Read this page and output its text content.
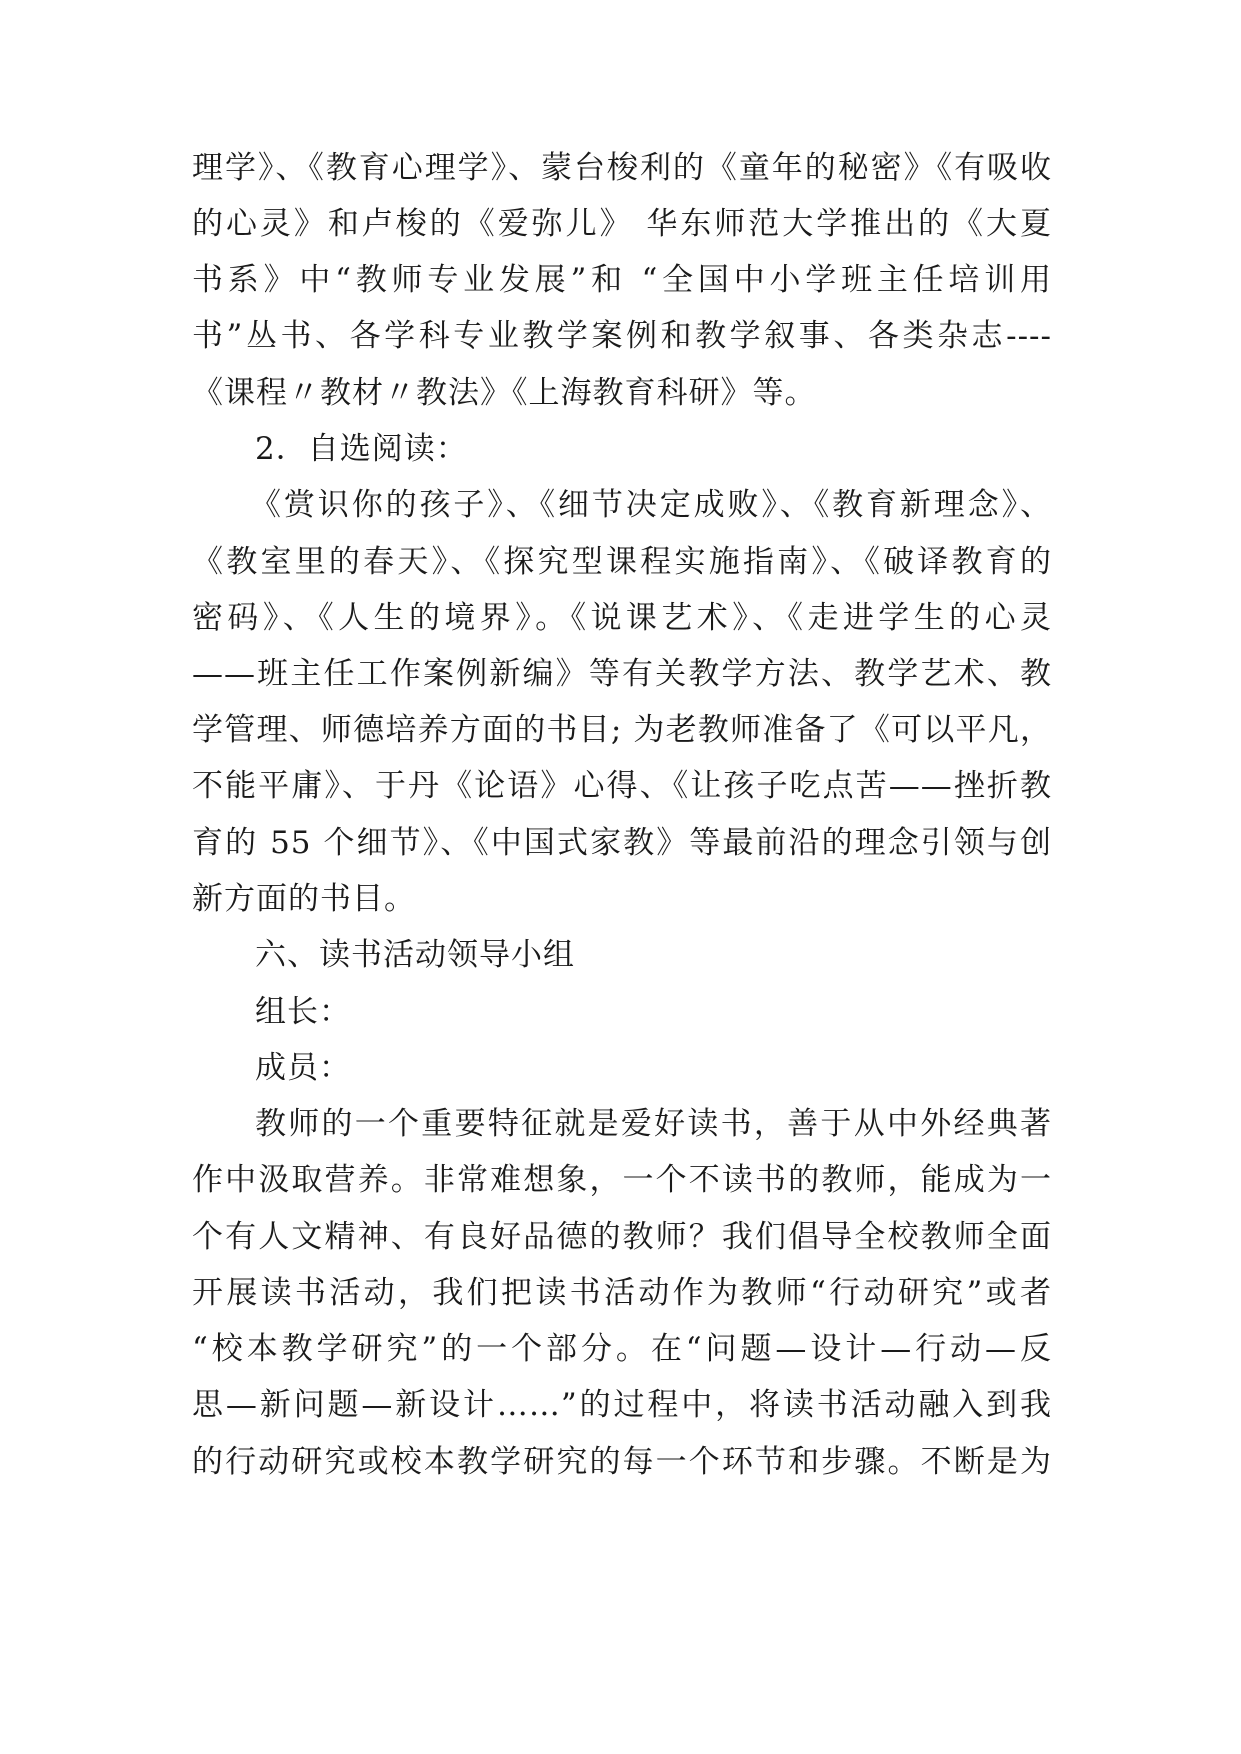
理学》、《教育心理学》、蒙台梭利的《童年的秘密》《有吸收
的心灵》和卢梭的《爱弥儿》 华东师范大学推出的《大夏
书系》中“教师专业发展”和 “全国中小学班主任培训用
书”丛书、各学科专业教学案例和教学叙事、各类杂志----
《课程〃教材〃教法》《上海教育科研》等。
2．自选阅读：
《赏识你的孩子》、《细节决定成败》、《教育新理念》、
《教室里的春天》、《探究型课程实施指南》、《破译教育的
密码》、《人生的境界》。《说课艺术》、《走进学生的心灵
——班主任工作案例新编》等有关教学方法、教学艺术、教
学管理、师德培养方面的书目; 为老教师准备了《可以平凡，
不能平庸》、于丹《论语》心得、《让孩子吃点苦——挫折教
育的 55 个细节》、《中国式家教》等最前沿的理念引领与创
新方面的书目。
六、读书活动领导小组
组长：
成员：
教师的一个重要特征就是爱好读书，善于从中外经典著
作中汲取营养。非常难想象，一个不读书的教师，能成为一
个有人文精神、有良好品德的教师？我们倡导全校教师全面
开展读书活动，我们把读书活动作为教师“行动研究”或者
“校本教学研究”的一个部分。在“问题—设计—行动—反
思—新问题—新设计……”的过程中，将读书活动融入到我
的行动研究或校本教学研究的每一个环节和步骤。不断是为
